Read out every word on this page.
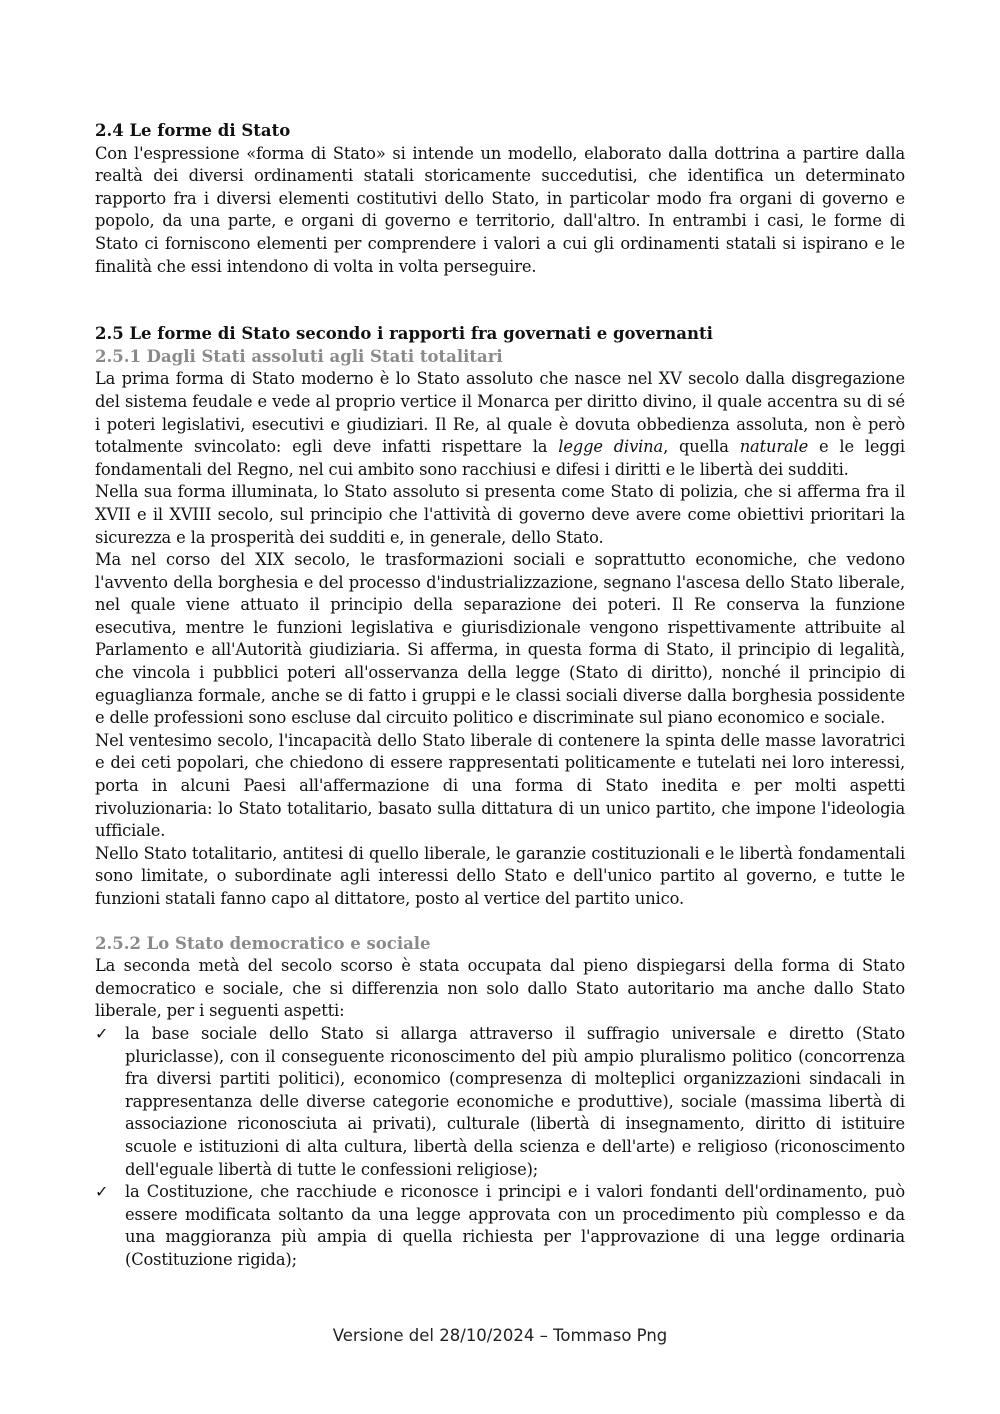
2.4 Le forme di Stato

Con l'espressione «forma di Stato» si intende un modello, elaborato dalla dottrina a partire dalla realtà dei diversi ordinamenti statali storicamente succedutisi, che identifica un determinato rapporto fra i diversi elementi costitutivi dello Stato, in particolar modo fra organi di governo e popolo, da una parte, e organi di governo e territorio, dall'altro. In entrambi i casi, le forme di Stato ci forniscono elementi per comprendere i valori a cui gli ordinamenti statali si ispirano e le finalità che essi intendono di volta in volta perseguire.

2.5 Le forme di Stato secondo i rapporti fra governati e governanti
2.5.1 Dagli Stati assoluti agli Stati totalitari

La prima forma di Stato moderno è lo Stato assoluto che nasce nel XV secolo dalla disgregazione del sistema feudale e vede al proprio vertice il Monarca per diritto divino, il quale accentra su di sé i poteri legislativi, esecutivi e giudiziari. Il Re, al quale è dovuta obbedienza assoluta, non è però totalmente svincolato: egli deve infatti rispettare la legge divina, quella naturale e le leggi fondamentali del Regno, nel cui ambito sono racchiusi e difesi i diritti e le libertà dei sudditi.

Nella sua forma illuminata, lo Stato assoluto si presenta come Stato di polizia, che si afferma fra il XVII e il XVIII secolo, sul principio che l'attività di governo deve avere come obiettivi prioritari la sicurezza e la prosperità dei sudditi e, in generale, dello Stato.

Ma nel corso del XIX secolo, le trasformazioni sociali e soprattutto economiche, che vedono l'avvento della borghesia e del processo d'industrializzazione, segnano l'ascesa dello Stato liberale, nel quale viene attuato il principio della separazione dei poteri. Il Re conserva la funzione esecutiva, mentre le funzioni legislativa e giurisdizionale vengono rispettivamente attribuite al Parlamento e all'Autorità giudiziaria. Si afferma, in questa forma di Stato, il principio di legalità, che vincola i pubblici poteri all'osservanza della legge (Stato di diritto), nonché il principio di eguaglianza formale, anche se di fatto i gruppi e le classi sociali diverse dalla borghesia possidente e delle professioni sono escluse dal circuito politico e discriminate sul piano economico e sociale.

Nel ventesimo secolo, l'incapacità dello Stato liberale di contenere la spinta delle masse lavoratrici e dei ceti popolari, che chiedono di essere rappresentati politicamente e tutelati nei loro interessi, porta in alcuni Paesi all'affermazione di una forma di Stato inedita e per molti aspetti rivoluzionaria: lo Stato totalitario, basato sulla dittatura di un unico partito, che impone l'ideologia ufficiale.

Nello Stato totalitario, antitesi di quello liberale, le garanzie costituzionali e le libertà fondamentali sono limitate, o subordinate agli interessi dello Stato e dell'unico partito al governo, e tutte le funzioni statali fanno capo al dittatore, posto al vertice del partito unico.

2.5.2 Lo Stato democratico e sociale

La seconda metà del secolo scorso è stata occupata dal pieno dispiegarsi della forma di Stato democratico e sociale, che si differenzia non solo dallo Stato autoritario ma anche dallo Stato liberale, per i seguenti aspetti:

✓ la base sociale dello Stato si allarga attraverso il suffragio universale e diretto (Stato pluriclasse), con il conseguente riconoscimento del più ampio pluralismo politico (concorrenza fra diversi partiti politici), economico (compresenza di molteplici organizzazioni sindacali in rappresentanza delle diverse categorie economiche e produttive), sociale (massima libertà di associazione riconosciuta ai privati), culturale (libertà di insegnamento, diritto di istituire scuole e istituzioni di alta cultura, libertà della scienza e dell'arte) e religioso (riconoscimento dell'eguale libertà di tutte le confessioni religiose);
✓ la Costituzione, che racchiude e riconosce i principi e i valori fondanti dell'ordinamento, può essere modificata soltanto da una legge approvata con un procedimento più complesso e da una maggioranza più ampia di quella richiesta per l'approvazione di una legge ordinaria (Costituzione rigida);
Versione del 28/10/2024 – Tommaso Png
